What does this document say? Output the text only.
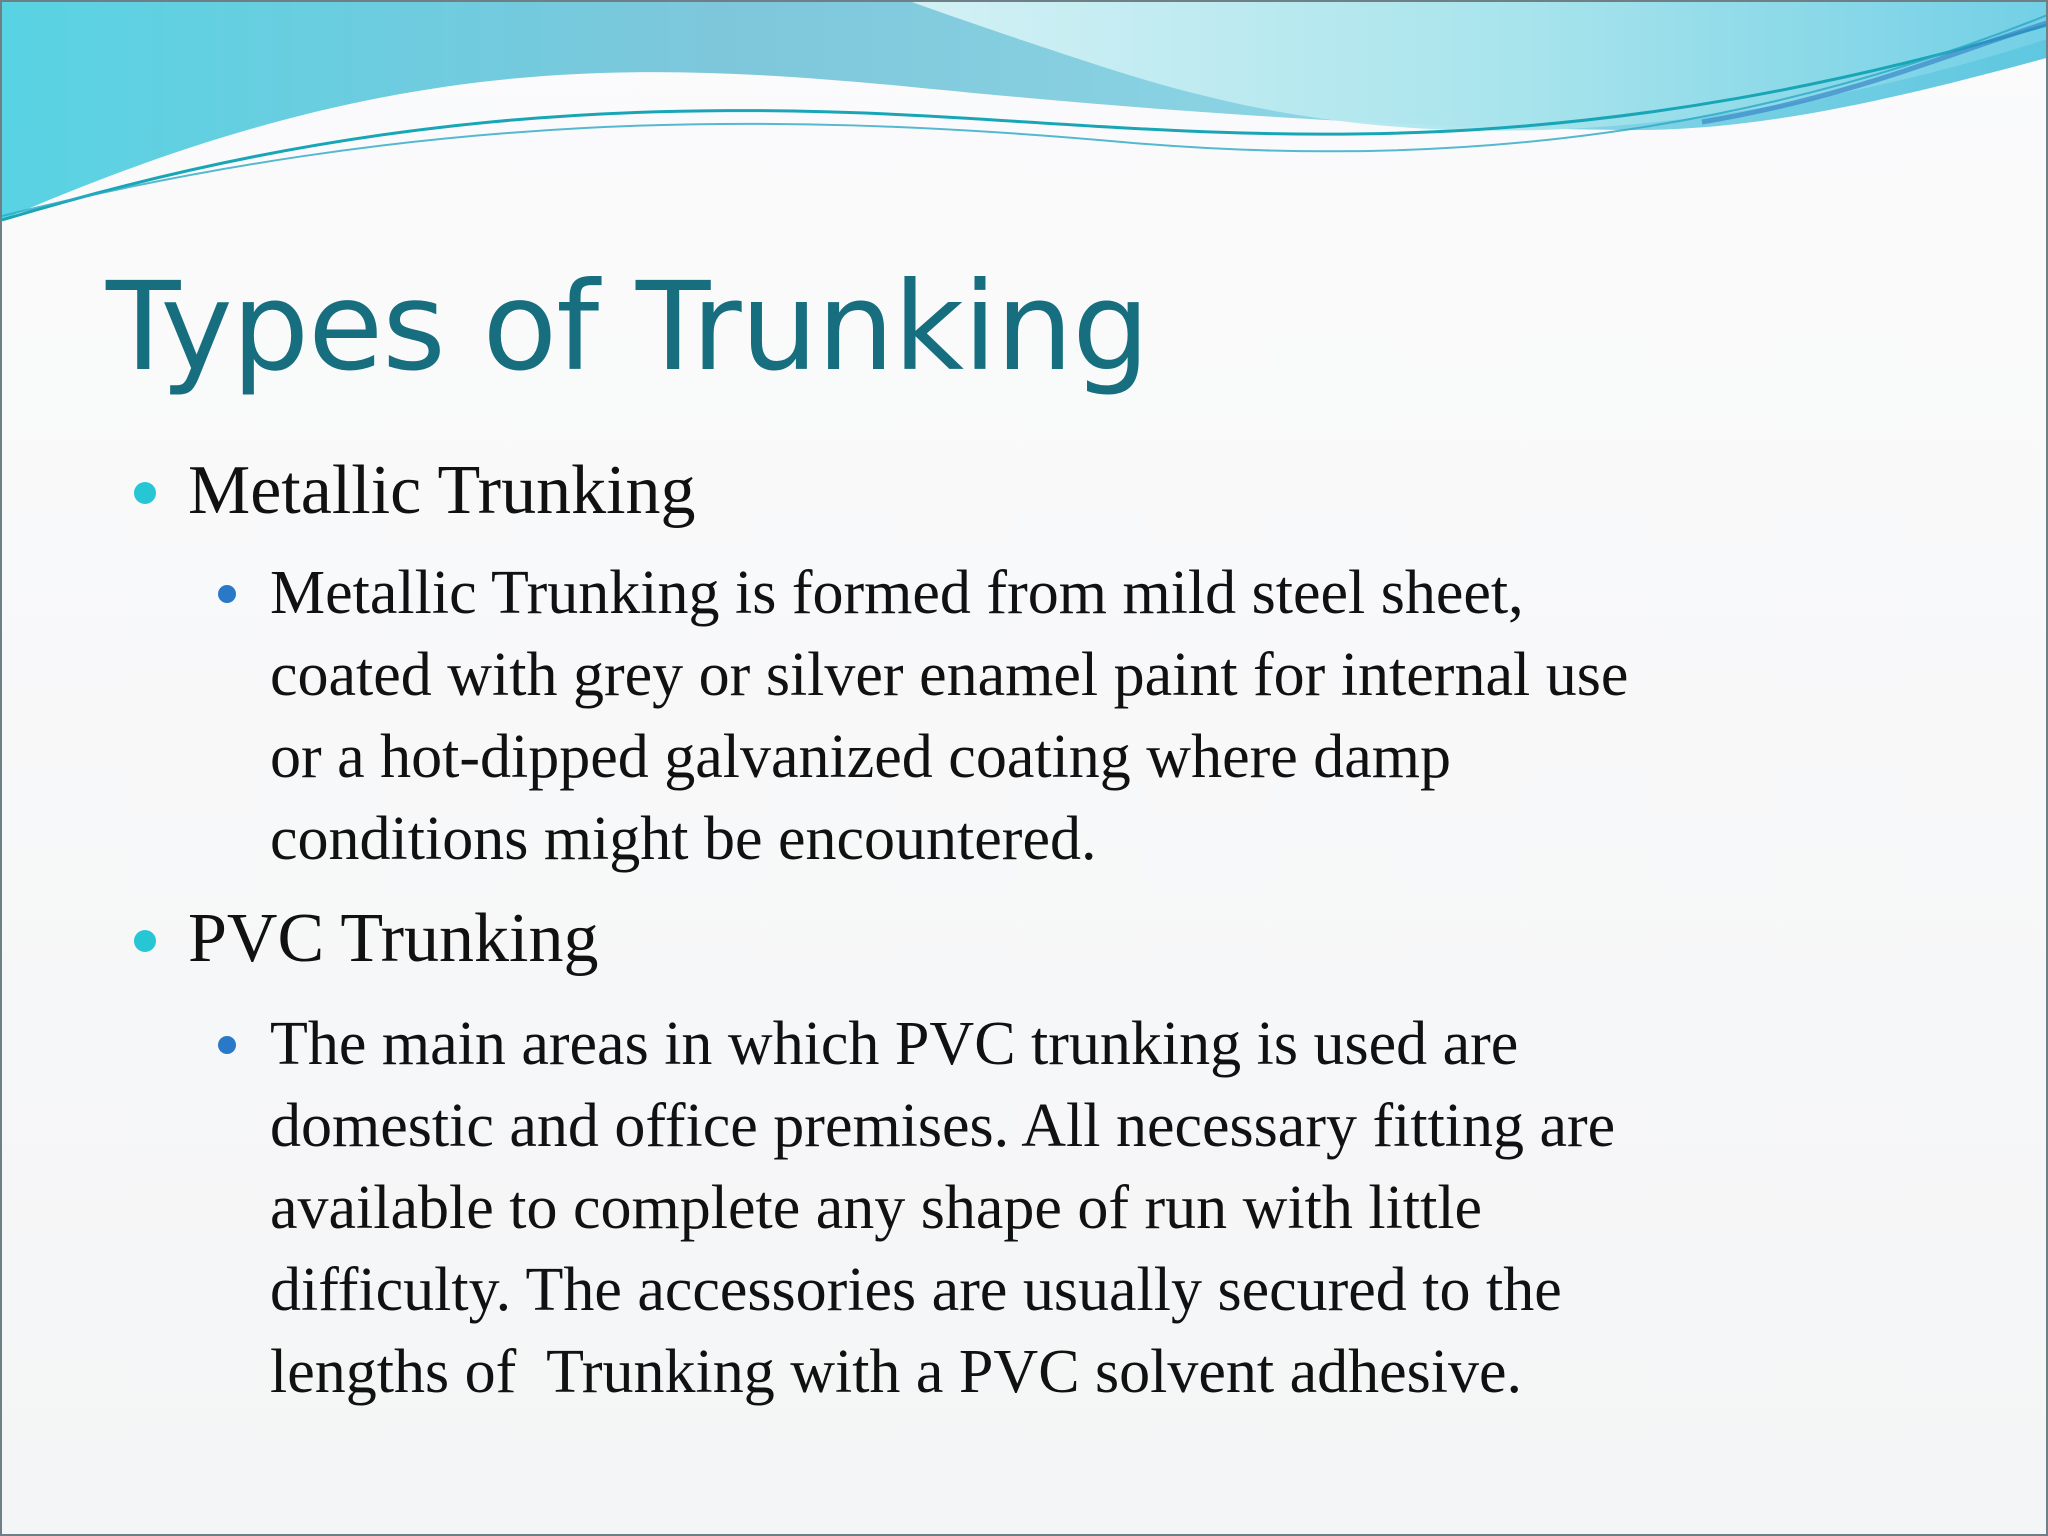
Types of Trunking
Metallic Trunking
Metallic Trunking is formed from mild steel sheet,
coated with grey or silver enamel paint for internal use
or a hot-dipped galvanized coating where damp
conditions might be encountered.
PVC Trunking
The main areas in which PVC trunking is used are
domestic and office premises. All necessary fitting are
available to complete any shape of run with little
difficulty. The accessories are usually secured to the
lengths of  Trunking with a PVC solvent adhesive.
